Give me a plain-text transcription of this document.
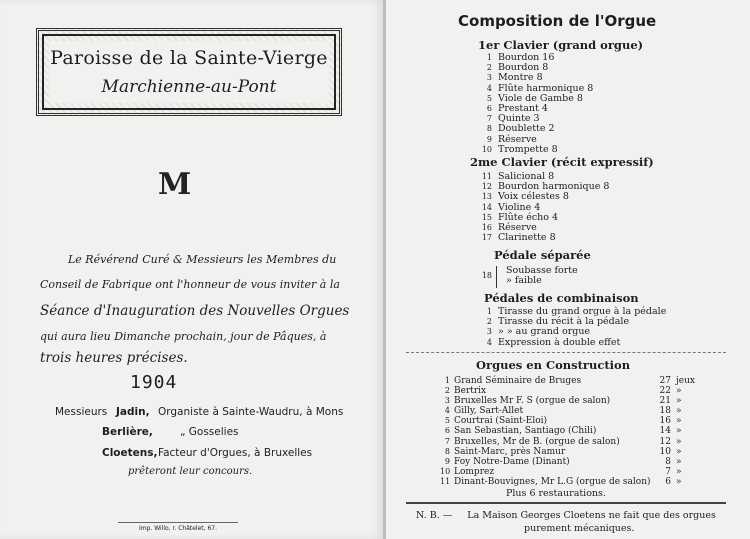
Paroisse de la Sainte-Vierge
Marchienne-au-Pont
M
Le Révérend Curé & Messieurs les Membres du
Conseil de Fabrique ont l'honneur de vous inviter à la
Séance d'Inauguration des Nouvelles Orgues
qui aura lieu Dimanche prochain, jour de Pâques, à
trois heures précises.
1904
Messieurs Jadin, Organiste à Sainte-Waudru, à Mons
Berlière,	„ Gosselies
Cloetens, Facteur d'Orgues, à Bruxelles
prêteront leur concours.
Imp. Willo, r. Châtelet, 67.
Composition de l'Orgue
1er Clavier (grand orgue)
1 Bourdon 16
2 Bourdon 8
3 Montre 8
4 Flûte harmonique 8
5 Viole de Gambe 8
6 Prestant 4
7 Quinte 3
8 Doublette 2
9 Réserve
10 Trompette 8
2me Clavier (récit expressif)
11 Salicional 8
12 Bourdon harmonique 8
13 Voix célestes 8
14 Violine 4
15 Flûte écho 4
16 Réserve
17 Clarinette 8
Pédale séparée
18 Soubasse forte
» faible
Pédales de combinaison
1 Tirasse du grand orgue à la pédale
2 Tirasse du récit à la pédale
3 » » au grand orgue
4 Expression à double effet
Orgues en Construction
1 Grand Séminaire de Bruges	27 jeux
2 Bertrix	22 »
3 Bruxelles Mr F. S (orgue de salon)	21 »
4 Gilly, Sart-Allet	18 »
5 Courtrai (Saint-Eloi)	16 »
6 San Sebastian, Santiago (Chili)	14 »
7 Bruxelles, Mr de B. (orgue de salon)	12 »
8 Saint-Marc, près Namur	10 »
9 Foy Notre-Dame (Dinant)	8 »
10 Lomprez	7 »
11 Dinant-Bouvignes, Mr L.G (orgue de salon)	6 »
Plus 6 restaurations.
N. B. — La Maison Georges Cloetens ne fait que des orgues
purement mécaniques.
